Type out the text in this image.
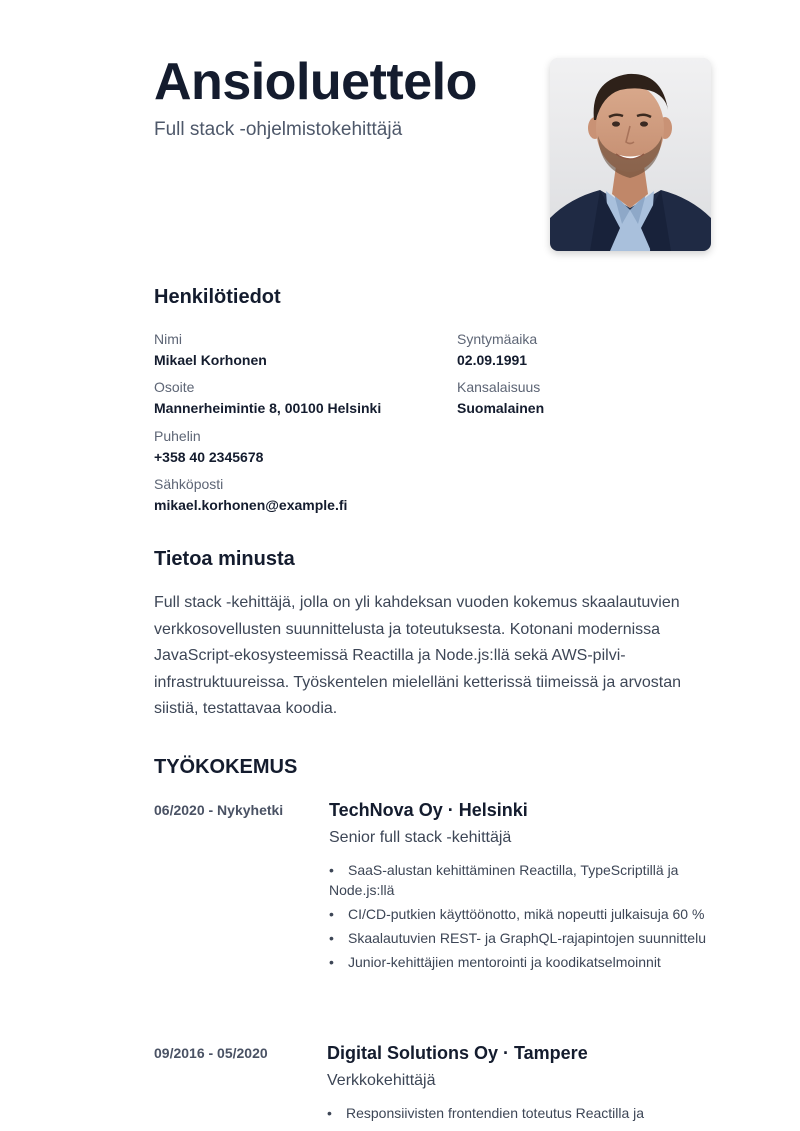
Ansioluettelo
Full stack -ohjelmistokehittäjä
Henkilötiedot
Nimi
Mikael Korhonen
Syntymäaika
02.09.1991
Osoite
Mannerheimintie 8, 00100 Helsinki
Kansalaisuus
Suomalainen
Puhelin
+358 40 2345678
Sähköposti
mikael.korhonen@example.fi
Tietoa minusta

Full stack -kehittäjä, jolla on yli kahdeksan vuoden kokemus skaalautuvien verkkosovellusten suunnittelusta ja toteutuksesta. Kotonani modernissa JavaScript-ekosysteemissä Reactilla ja Node.js:llä sekä AWS-pilvi-infrastruktuureissa. Työskentelen mielelläni ketterissä tiimeissä ja arvostan siistiä, testattavaa koodia.

TYÖKOKEMUS
06/2020 - Nykyhetki	TechNova Oy · Helsinki
Senior full stack -kehittäjä
• SaaS-alustan kehittäminen Reactilla, TypeScriptillä ja Node.js:llä
• CI/CD-putkien käyttöönotto, mikä nopeutti julkaisuja 60 %
• Skaalautuvien REST- ja GraphQL-rajapintojen suunnittelu
• Junior-kehittäjien mentorointi ja koodikatselmoinnit
09/2016 - 05/2020	Digital Solutions Oy · Tampere
Verkkokehittäjä
• Responsiivisten frontendien toteutus Reactilla ja
